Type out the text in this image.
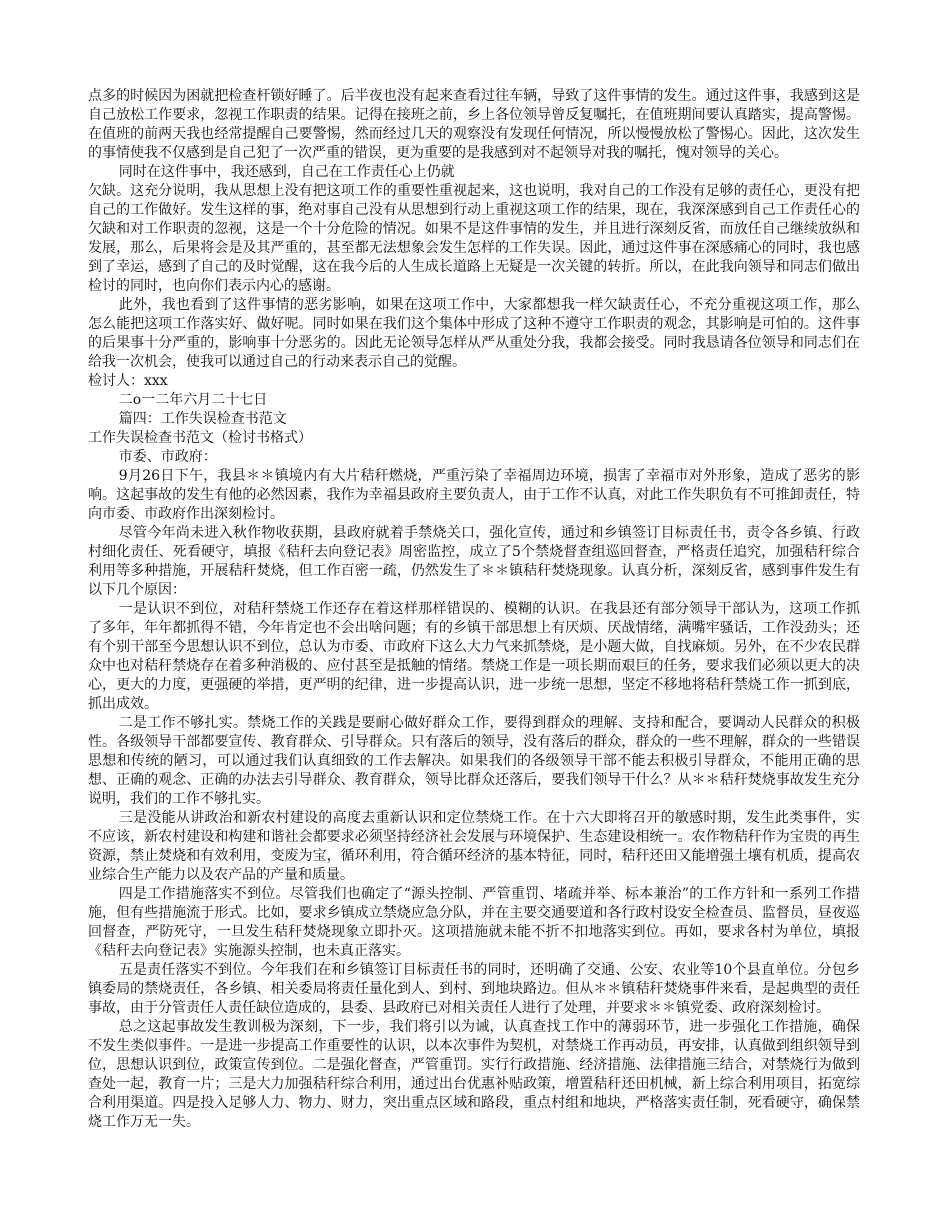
点多的时候因为困就把检查杆锁好睡了。后半夜也没有起来查看过往车辆，导致了这件事情的发生。通过这件事，我感到这是自己放松工作要求，忽视工作职责的结果。记得在接班之前，乡上各位领导曾反复嘱托，在值班期间要认真踏实，提高警惕。在值班的前两天我也经常提醒自己要警惕，然而经过几天的观察没有发现任何情况，所以慢慢放松了警惕心。因此，这次发生的事情使我不仅感到是自己犯了一次严重的错误，更为重要的是我感到对不起领导对我的嘱托，愧对领导的关心。

同时在这件事中，我还感到，自己在工作责任心上仍就

欠缺。这充分说明，我从思想上没有把这项工作的重要性重视起来，这也说明，我对自己的工作没有足够的责任心，更没有把自己的工作做好。发生这样的事，绝对事自己没有从思想到行动上重视这项工作的结果，现在，我深深感到自己工作责任心的欠缺和对工作职责的忽视，这是一个十分危险的情况。如果不是这件事情的发生，并且进行深刻反省，而放任自己继续放纵和发展，那么，后果将会是及其严重的，甚至都无法想象会发生怎样的工作失误。因此，通过这件事在深感痛心的同时，我也感到了幸运，感到了自己的及时觉醒，这在我今后的人生成长道路上无疑是一次关键的转折。所以，在此我向领导和同志们做出检讨的同时，也向你们表示内心的感谢。

此外，我也看到了这件事情的恶劣影响，如果在这项工作中，大家都想我一样欠缺责任心，不充分重视这项工作，那么怎么能把这项工作落实好、做好呢。同时如果在我们这个集体中形成了这种不遵守工作职责的观念，其影响是可怕的。这件事的后果事十分严重的，影响事十分恶劣的。因此无论领导怎样从严从重处分我，我都会接受。同时我恳请各位领导和同志们在给我一次机会，使我可以通过自己的行动来表示自己的觉醒。

检讨人：xxx

二o一二年六月二十七日

篇四：工作失误检查书范文

工作失误检查书范文（检讨书格式）

市委、市政府：

9月26日下午，我县＊＊镇境内有大片秸秆燃烧，严重污染了幸福周边环境，损害了幸福市对外形象，造成了恶劣的影响。这起事故的发生有他的必然因素，我作为幸福县政府主要负责人，由于工作不认真，对此工作失职负有不可推卸责任，特向市委、市政府作出深刻检讨。

尽管今年尚未进入秋作物收获期，县政府就着手禁烧关口，强化宣传，通过和乡镇签订目标责任书，责令各乡镇、行政村细化责任、死看硬守，填报《秸秆去向登记表》周密监控，成立了5个禁烧督查组巡回督查，严格责任追究，加强秸秆综合利用等多种措施，开展秸秆焚烧，但工作百密一疏，仍然发生了＊＊镇秸秆焚烧现象。认真分析，深刻反省，感到事件发生有以下几个原因：

一是认识不到位，对秸秆禁烧工作还存在着这样那样错误的、模糊的认识。在我县还有部分领导干部认为，这项工作抓了多年，年年都抓得不错，今年肯定也不会出啥问题；有的乡镇干部思想上有厌烦、厌战情绪，满嘴牢骚话，工作没劲头；还有个别干部至今思想认识不到位，总认为市委、市政府下这么大力气来抓禁烧，是小题大做，自找麻烦。另外，在不少农民群众中也对秸秆禁烧存在着多种消极的、应付甚至是抵触的情绪。禁烧工作是一项长期而艰巨的任务，要求我们必须以更大的决心，更大的力度，更强硬的举措，更严明的纪律，进一步提高认识，进一步统一思想，坚定不移地将秸秆禁烧工作一抓到底，抓出成效。

二是工作不够扎实。禁烧工作的关践是要耐心做好群众工作，要得到群众的理解、支持和配合，要调动人民群众的积极性。各级领导干部都要宣传、教育群众、引导群众。只有落后的领导，没有落后的群众，群众的一些不理解，群众的一些错误思想和传统的陋习，可以通过我们认真细致的工作去解决。如果我们的各级领导干部不能去积极引导群众，不能用正确的思想、正确的观念、正确的办法去引导群众、教育群众，领导比群众还落后，要我们领导干什么？从＊＊秸秆焚烧事故发生充分说明，我们的工作不够扎实。

三是没能从讲政治和新农村建设的高度去重新认识和定位禁烧工作。在十六大即将召开的敏感时期，发生此类事件，实不应该，新农村建设和构建和谐社会都要求必须坚持经济社会发展与环境保护、生态建设相统一。农作物秸秆作为宝贵的再生资源，禁止焚烧和有效利用，变废为宝，循环利用，符合循环经济的基本特征，同时，秸秆还田又能增强土壤有机质，提高农业综合生产能力以及农产品的产量和质量。

四是工作措施落实不到位。尽管我们也确定了“源头控制、严管重罚、堵疏并举、标本兼治”的工作方针和一系列工作措施，但有些措施流于形式。比如，要求乡镇成立禁烧应急分队，并在主要交通要道和各行政村设安全检查员、监督员，昼夜巡回督查，严防死守，一旦发生秸秆焚烧现象立即扑灭。这项措施就未能不折不扣地落实到位。再如，要求各村为单位，填报《秸秆去向登记表》实施源头控制，也未真正落实。

五是责任落实不到位。今年我们在和乡镇签订目标责任书的同时，还明确了交通、公安、农业等10个县直单位。分包乡镇委局的禁烧责任，各乡镇、相关委局将责任量化到人、到村、到地块路边。但从＊＊镇秸秆焚烧事件来看，是起典型的责任事故，由于分管责任人责任缺位造成的，县委、县政府已对相关责任人进行了处理，并要求＊＊镇党委、政府深刻检讨。

总之这起事故发生教训极为深刻，下一步，我们将引以为诫，认真查找工作中的薄弱环节，进一步强化工作措施，确保不发生类似事件。一是进一步提高工作重要性的认识，以本次事件为契机，对禁烧工作再动员，再安排，认真做到组织领导到位，思想认识到位，政策宣传到位。二是强化督查，严管重罚。实行行政措施、经济措施、法律措施三结合，对禁烧行为做到查处一起，教育一片；三是大力加强秸秆综合利用，通过出台优惠补贴政策，增置秸秆还田机械，新上综合利用项目，拓宽综合利用渠道。四是投入足够人力、物力、财力，突出重点区域和路段，重点村组和地块，严格落实责任制，死看硬守，确保禁烧工作万无一失。
